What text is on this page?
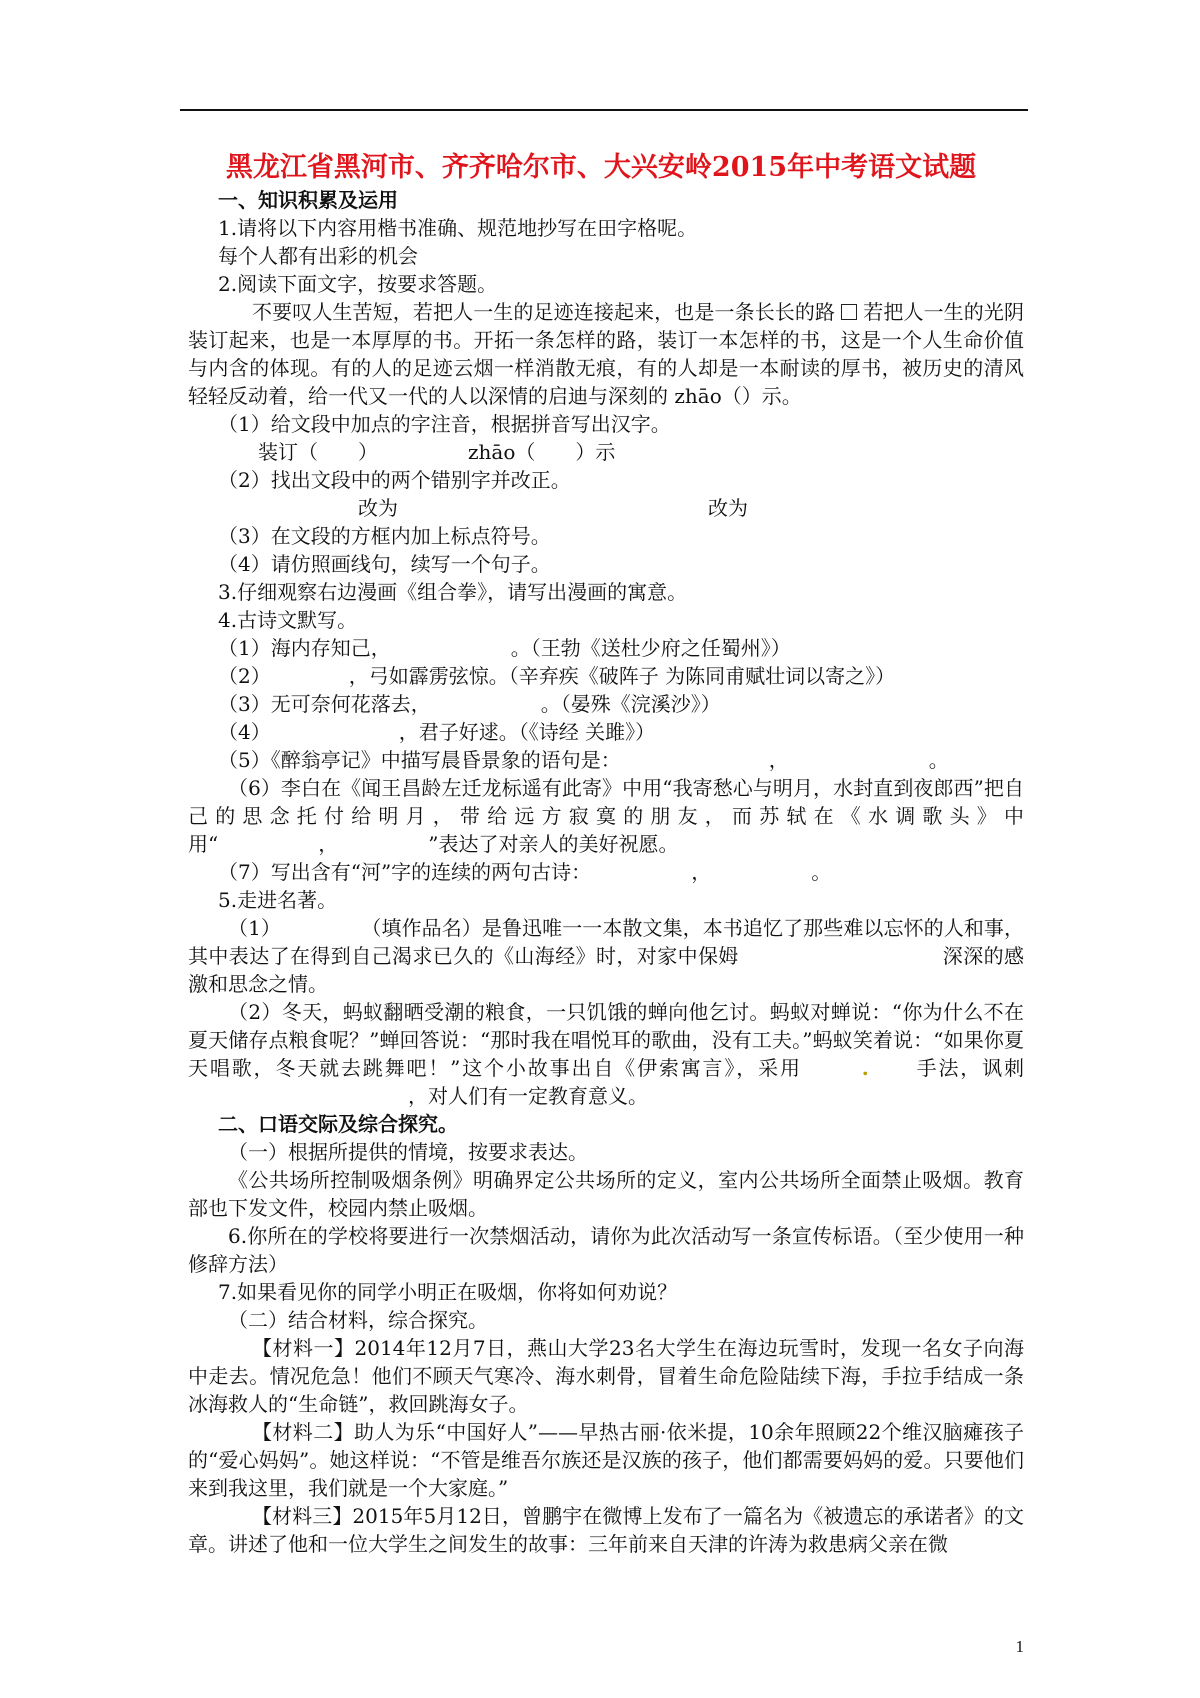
黑龙江省黑河市、齐齐哈尔市、大兴安岭2015年中考语文试题
一、知识积累及运用
1.请将以下内容用楷书准确、规范地抄写在田字格呢。
每个人都有出彩的机会
2.阅读下面文字，按要求答题。
不要叹人生苦短，若把人一生的足迹连接起来，也是一条长长的路 若把人一生的光阴装订起来，也是一本厚厚的书。开拓一条怎样的路，装订一本怎样的书，这是一个人生命价值与内含的体现。有的人的足迹云烟一样消散无痕，有的人却是一本耐读的厚书，被历史的清风轻轻反动着，给一代又一代的人以深情的启迪与深刻的 zhāo（）示。
（1）给文段中加点的字注音，根据拼音写出汉字。
装订（　　）	zhāo（　　）示
（2）找出文段中的两个错别字并改正。
改为	改为
（3）在文段的方框内加上标点符号。
（4）请仿照画线句，续写一个句子。
3.仔细观察右边漫画《组合拳》，请写出漫画的寓意。
4.古诗文默写。
（1）海内存知己，	。（王勃《送杜少府之任蜀州》）
（2）	，弓如霹雳弦惊。（辛弃疾《破阵子 为陈同甫赋壮词以寄之》）
（3）无可奈何花落去，	。（晏殊《浣溪沙》）
（4）	，君子好逑。（《诗经 关雎》）
（5）《醉翁亭记》中描写晨昏景象的语句是：	，	。
（6）李白在《闻王昌龄左迁龙标遥有此寄》中用“我寄愁心与明月，水封直到夜郎西”把自己的思念托付给明月，带给远方寂寞的朋友，而苏轼在《水调歌头》中用“　　　　　，　　　　　”表达了对亲人的美好祝愿。
（7）写出含有“河”字的连续的两句古诗：	，	。
5.走进名著。
（1）　　　　　（填作品名）是鲁迅唯一一本散文集，本书追忆了那些难以忘怀的人和事，其中表达了在得到自己渴求已久的《山海经》时，对家中保姆　　　　　　　　　　深深的感激和思念之情。
（2）冬天，蚂蚁翻晒受潮的粮食，一只饥饿的蝉向他乞讨。蚂蚁对蝉说：“你为什么不在夏天储存点粮食呢？”蝉回答说：“那时我在唱悦耳的歌曲，没有工夫。”蚂蚁笑着说：“如果你夏天唱歌，冬天就去跳舞吧！”这个小故事出自《伊索寓言》，采用	. 手法，讽刺，对人们有一定教育意义。
二、口语交际及综合探究。
（一）根据所提供的情境，按要求表达。
《公共场所控制吸烟条例》明确界定公共场所的定义，室内公共场所全面禁止吸烟。教育部也下发文件，校园内禁止吸烟。
6.你所在的学校将要进行一次禁烟活动，请你为此次活动写一条宣传标语。（至少使用一种修辞方法）
7.如果看见你的同学小明正在吸烟，你将如何劝说？
（二）结合材料，综合探究。
【材料一】2014年12月7日，燕山大学23名大学生在海边玩雪时，发现一名女子向海中走去。情况危急！他们不顾天气寒冷、海水刺骨，冒着生命危险陆续下海，手拉手结成一条冰海救人的“生命链”，救回跳海女子。
【材料二】助人为乐“中国好人”——早热古丽·依米提，10余年照顾22个维汉脑瘫孩子的“爱心妈妈”。她这样说：“不管是维吾尔族还是汉族的孩子，他们都需要妈妈的爱。只要他们来到我这里，我们就是一个大家庭。”
【材料三】2015年5月12日，曾鹏宇在微博上发布了一篇名为《被遗忘的承诺者》的文章。讲述了他和一位大学生之间发生的故事：三年前来自天津的许涛为救患病父亲在微
1
